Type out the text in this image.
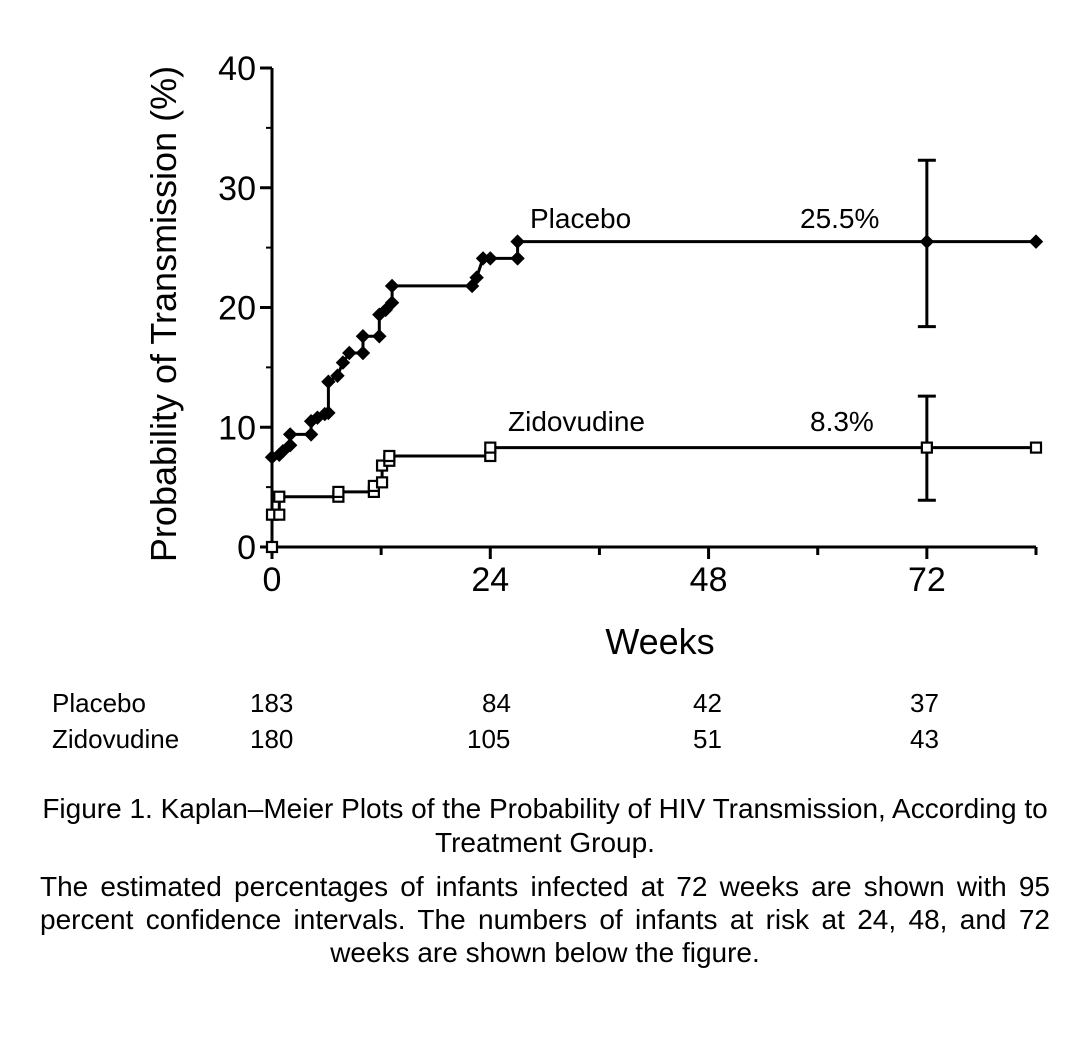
0
10
20
30
40
0	24	48	72
Probability of Transmission (%)
Weeks
Placebo	25.5%
Zidovudine	8.3%
Placebo	183	84	42	37
Zidovudine	180	105	51	43

Figure 1. Kaplan–Meier Plots of the Probability of HIV Transmission, According to Treatment Group.

The estimated percentages of infants infected at 72 weeks are shown with 95 percent confidence intervals. The numbers of infants at risk at 24, 48, and 72 weeks are shown below the figure.
